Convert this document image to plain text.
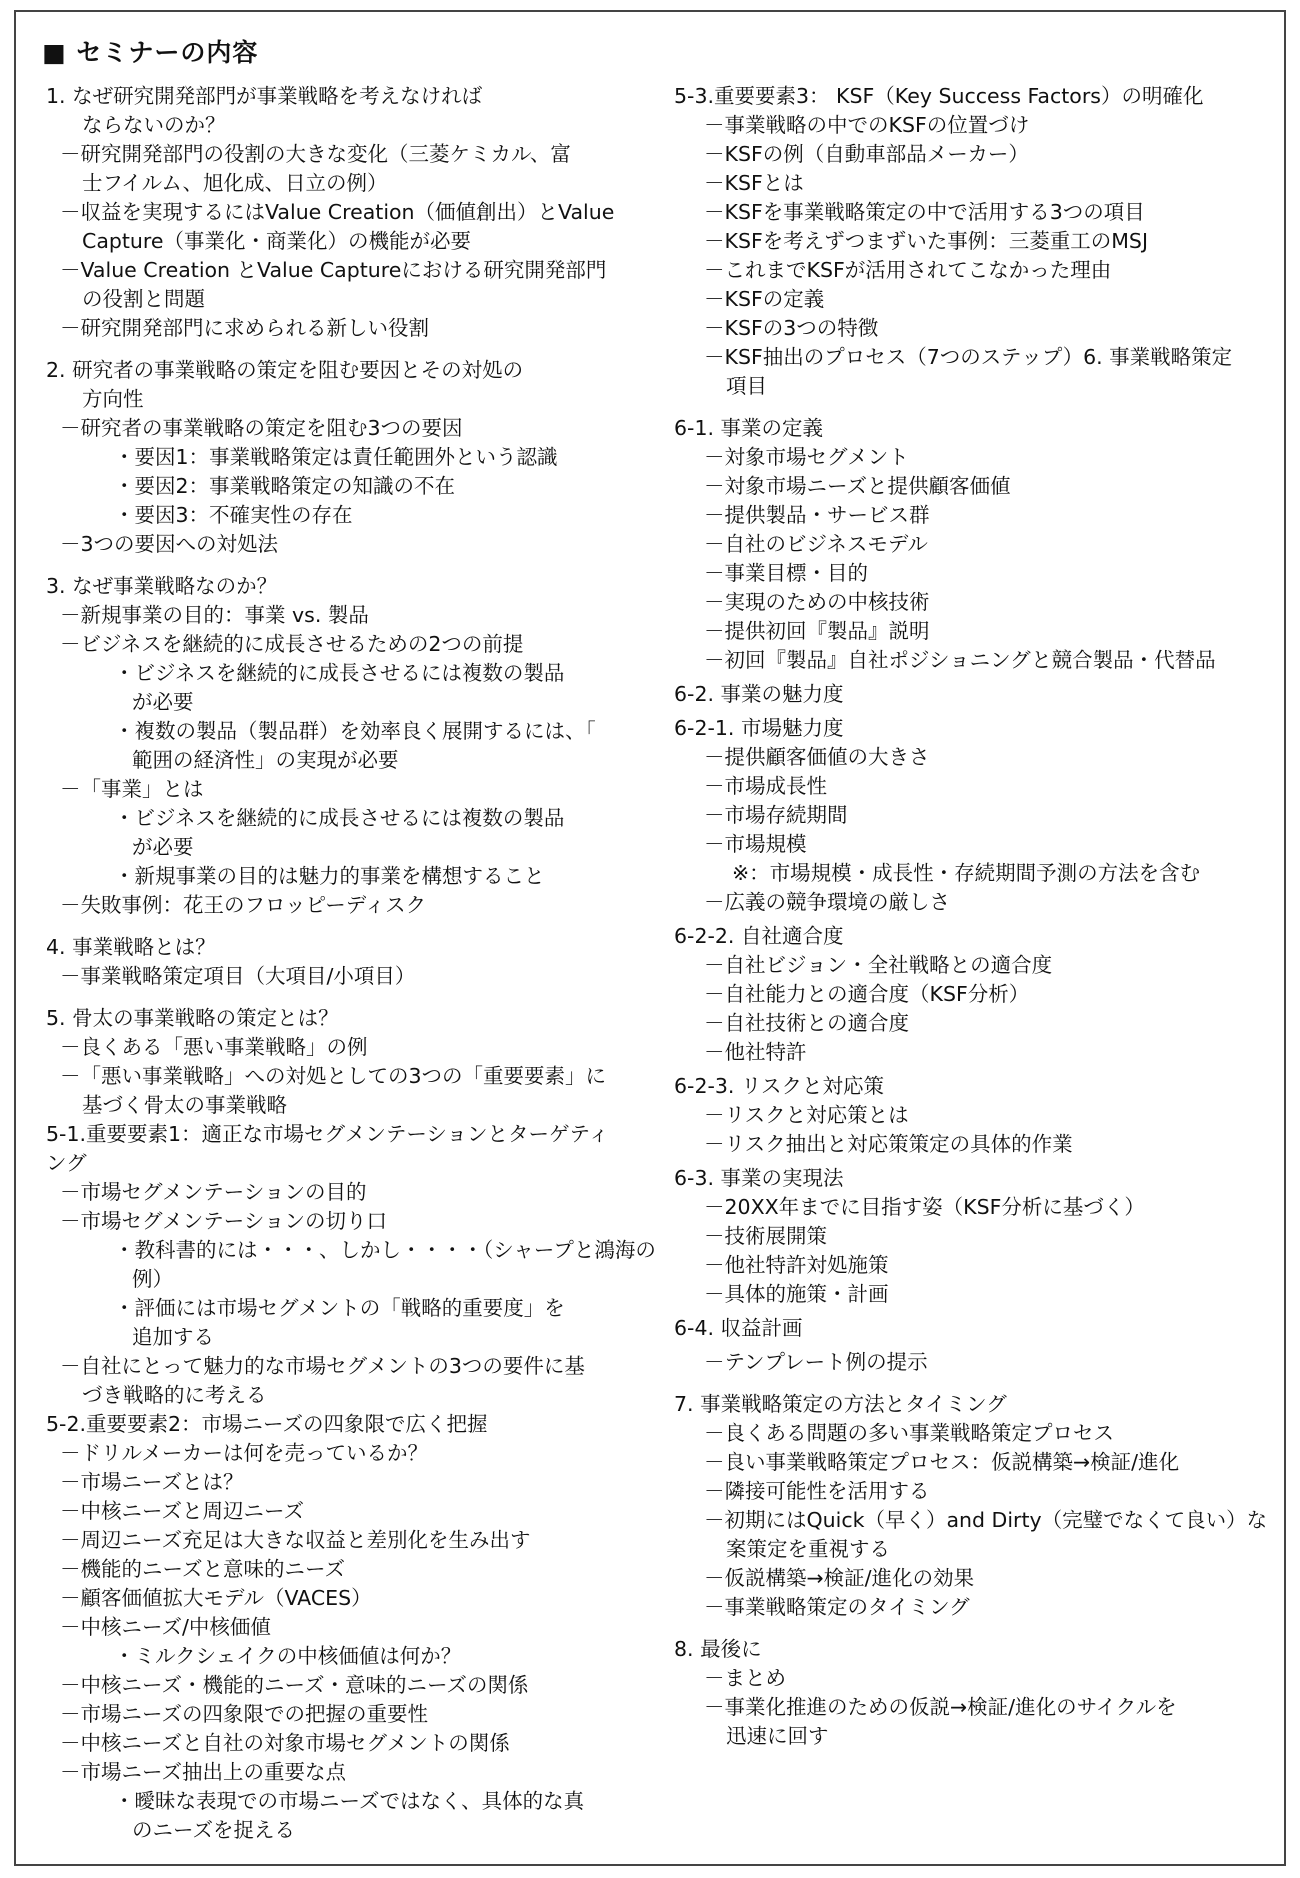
■ セミナーの内容
1. なぜ研究開発部門が事業戦略を考えなければ
ならないのか？
－研究開発部門の役割の大きな変化（三菱ケミカル、富
士フイルム、旭化成、日立の例）
－収益を実現するにはValue Creation（価値創出）とValue
Capture（事業化・商業化）の機能が必要
－Value Creation とValue Captureにおける研究開発部門
の役割と問題
－研究開発部門に求められる新しい役割
2. 研究者の事業戦略の策定を阻む要因とその対処の
方向性
－研究者の事業戦略の策定を阻む3つの要因
・要因1：事業戦略策定は責任範囲外という認識
・要因2：事業戦略策定の知識の不在
・要因3：不確実性の存在
－3つの要因への対処法
3. なぜ事業戦略なのか？
－新規事業の目的：事業 vs. 製品
－ビジネスを継続的に成長させるための2つの前提
・ビジネスを継続的に成長させるには複数の製品
が必要
・複数の製品（製品群）を効率良く展開するには、「
範囲の経済性」の実現が必要
－「事業」とは
・ビジネスを継続的に成長させるには複数の製品
が必要
・新規事業の目的は魅力的事業を構想すること
－失敗事例：花王のフロッピーディスク
4. 事業戦略とは？
－事業戦略策定項目（大項目/小項目）
5. 骨太の事業戦略の策定とは？
－良くある「悪い事業戦略」の例
－「悪い事業戦略」への対処としての3つの「重要要素」に
基づく骨太の事業戦略
5-1.重要要素1：適正な市場セグメンテーションとターゲティ
ング
－市場セグメンテーションの目的
－市場セグメンテーションの切り口
・教科書的には・・・、しかし・・・・（シャープと鴻海の
例）
・評価には市場セグメントの「戦略的重要度」を
追加する
－自社にとって魅力的な市場セグメントの3つの要件に基
づき戦略的に考える
5-2.重要要素2：市場ニーズの四象限で広く把握
－ドリルメーカーは何を売っているか？
－市場ニーズとは？
－中核ニーズと周辺ニーズ
－周辺ニーズ充足は大きな収益と差別化を生み出す
－機能的ニーズと意味的ニーズ
－顧客価値拡大モデル（VACES）
－中核ニーズ/中核価値
・ミルクシェイクの中核価値は何か？
－中核ニーズ・機能的ニーズ・意味的ニーズの関係
－市場ニーズの四象限での把握の重要性
－中核ニーズと自社の対象市場セグメントの関係
－市場ニーズ抽出上の重要な点
・曖昧な表現での市場ニーズではなく、具体的な真
のニーズを捉える
5-3.重要要素3： KSF（Key Success Factors）の明確化
－事業戦略の中でのKSFの位置づけ
－KSFの例（自動車部品メーカー）
－KSFとは
－KSFを事業戦略策定の中で活用する3つの項目
－KSFを考えずつまずいた事例：三菱重工のMSJ
－これまでKSFが活用されてこなかった理由
－KSFの定義
－KSFの3つの特徴
－KSF抽出のプロセス（7つのステップ）6. 事業戦略策定
項目
6-1. 事業の定義
－対象市場セグメント
－対象市場ニーズと提供顧客価値
－提供製品・サービス群
－自社のビジネスモデル
－事業目標・目的
－実現のための中核技術
－提供初回『製品』説明
－初回『製品』自社ポジショニングと競合製品・代替品
6-2. 事業の魅力度
6-2-1. 市場魅力度
－提供顧客価値の大きさ
－市場成長性
－市場存続期間
－市場規模
※：市場規模・成長性・存続期間予測の方法を含む
－広義の競争環境の厳しさ
6-2-2. 自社適合度
－自社ビジョン・全社戦略との適合度
－自社能力との適合度（KSF分析）
－自社技術との適合度
－他社特許
6-2-3. リスクと対応策
－リスクと対応策とは
－リスク抽出と対応策策定の具体的作業
6-3. 事業の実現法
－20XX年までに目指す姿（KSF分析に基づく）
－技術展開策
－他社特許対処施策
－具体的施策・計画
6-4. 収益計画
－テンプレート例の提示
7. 事業戦略策定の方法とタイミング
－良くある問題の多い事業戦略策定プロセス
－良い事業戦略策定プロセス：仮説構築→検証/進化
－隣接可能性を活用する
－初期にはQuick（早く）and Dirty（完璧でなくて良い）な
案策定を重視する
－仮説構築→検証/進化の効果
－事業戦略策定のタイミング
8. 最後に
－まとめ
－事業化推進のための仮説→検証/進化のサイクルを
迅速に回す
